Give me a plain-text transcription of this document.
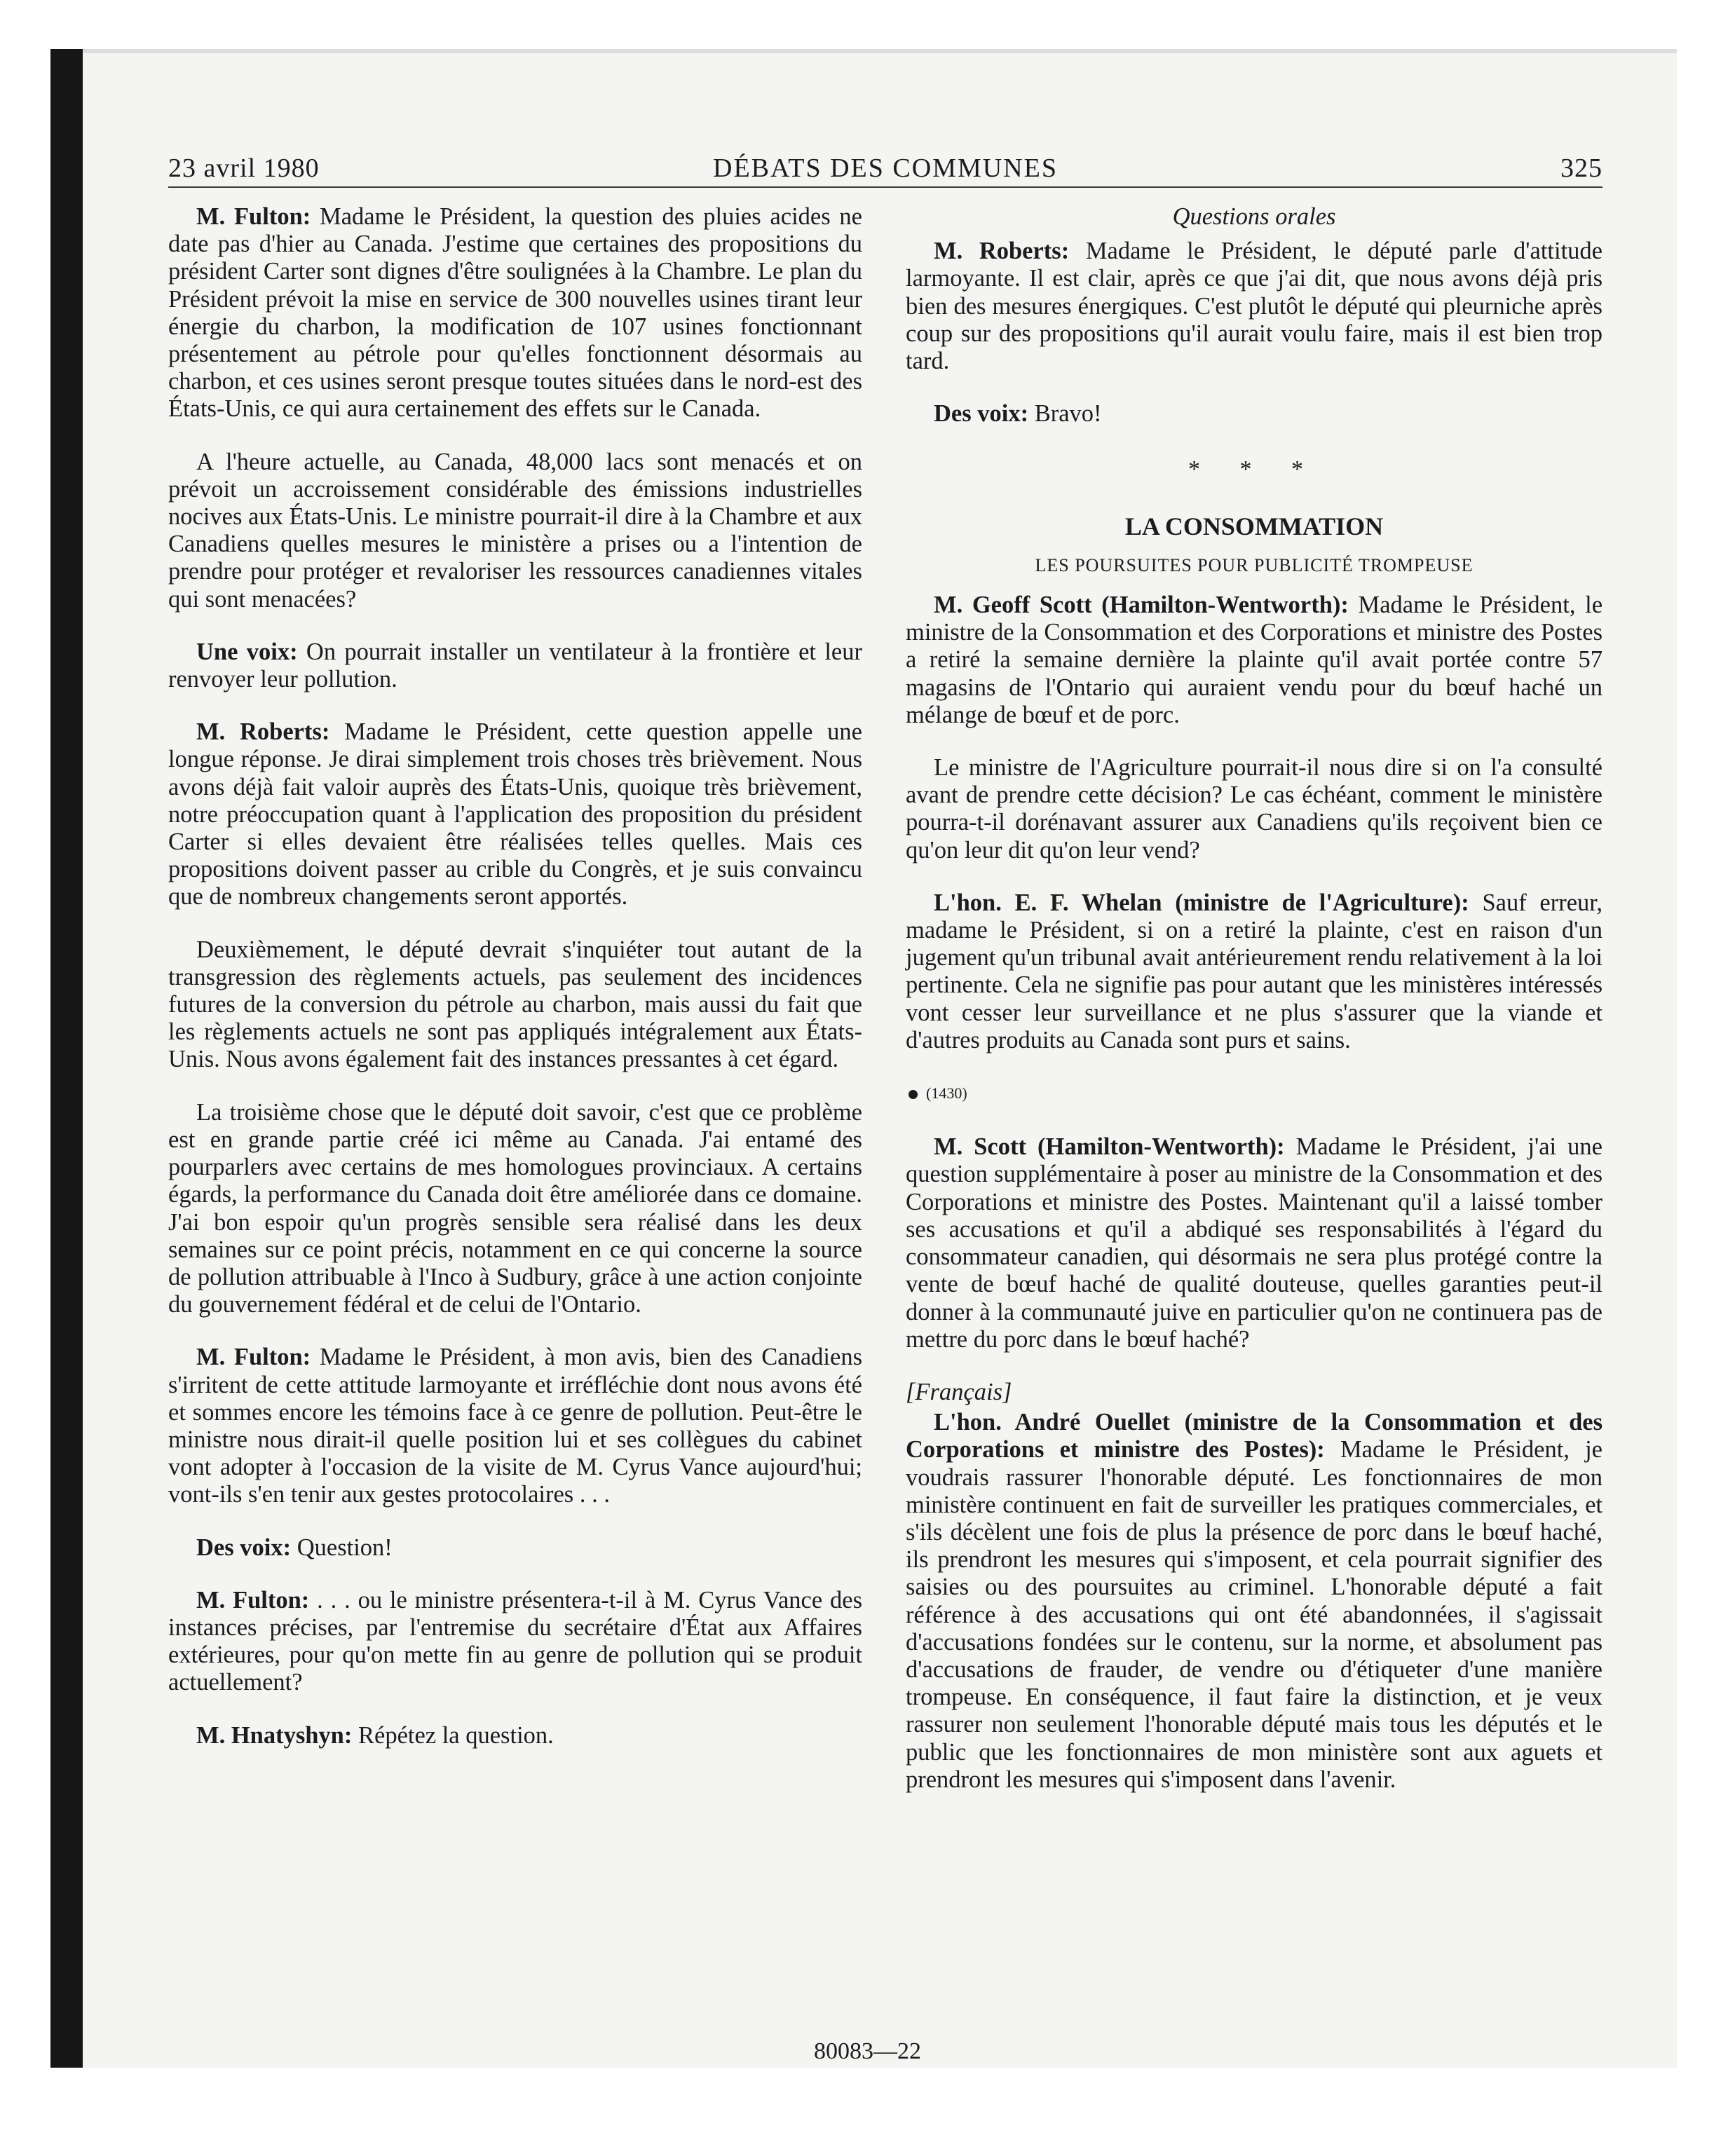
23 avril 1980	DÉBATS DES COMMUNES	325

M. Fulton: Madame le Président, la question des pluies acides ne date pas d'hier au Canada. J'estime que certaines des propositions du président Carter sont dignes d'être soulignées à la Chambre. Le plan du Président prévoit la mise en service de 300 nouvelles usines tirant leur énergie du charbon, la modification de 107 usines fonctionnant présentement au pétrole pour qu'elles fonctionnent désormais au charbon, et ces usines seront presque toutes situées dans le nord-est des États-Unis, ce qui aura certainement des effets sur le Canada.

A l'heure actuelle, au Canada, 48,000 lacs sont menacés et on prévoit un accroissement considérable des émissions industrielles nocives aux États-Unis. Le ministre pourrait-il dire à la Chambre et aux Canadiens quelles mesures le ministère a prises ou a l'intention de prendre pour protéger et revaloriser les ressources canadiennes vitales qui sont menacées?

Une voix: On pourrait installer un ventilateur à la frontière et leur renvoyer leur pollution.

M. Roberts: Madame le Président, cette question appelle une longue réponse. Je dirai simplement trois choses très brièvement. Nous avons déjà fait valoir auprès des États-Unis, quoique très brièvement, notre préoccupation quant à l'application des proposition du président Carter si elles devaient être réalisées telles quelles. Mais ces propositions doivent passer au crible du Congrès, et je suis convaincu que de nombreux changements seront apportés.

Deuxièmement, le député devrait s'inquiéter tout autant de la transgression des règlements actuels, pas seulement des incidences futures de la conversion du pétrole au charbon, mais aussi du fait que les règlements actuels ne sont pas appliqués intégralement aux États-Unis. Nous avons également fait des instances pressantes à cet égard.

La troisième chose que le député doit savoir, c'est que ce problème est en grande partie créé ici même au Canada. J'ai entamé des pourparlers avec certains de mes homologues provinciaux. A certains égards, la performance du Canada doit être améliorée dans ce domaine. J'ai bon espoir qu'un progrès sensible sera réalisé dans les deux semaines sur ce point précis, notamment en ce qui concerne la source de pollution attribuable à l'Inco à Sudbury, grâce à une action conjointe du gouvernement fédéral et de celui de l'Ontario.

M. Fulton: Madame le Président, à mon avis, bien des Canadiens s'irritent de cette attitude larmoyante et irréfléchie dont nous avons été et sommes encore les témoins face à ce genre de pollution. Peut-être le ministre nous dirait-il quelle position lui et ses collègues du cabinet vont adopter à l'occasion de la visite de M. Cyrus Vance aujourd'hui; vont-ils s'en tenir aux gestes protocolaires . . .

Des voix: Question!

M. Fulton: . . . ou le ministre présentera-t-il à M. Cyrus Vance des instances précises, par l'entremise du secrétaire d'État aux Affaires extérieures, pour qu'on mette fin au genre de pollution qui se produit actuellement?

M. Hnatyshyn: Répétez la question.

Questions orales

M. Roberts: Madame le Président, le député parle d'attitude larmoyante. Il est clair, après ce que j'ai dit, que nous avons déjà pris bien des mesures énergiques. C'est plutôt le député qui pleurniche après coup sur des propositions qu'il aurait voulu faire, mais il est bien trop tard.

Des voix: Bravo!

* * *
LA CONSOMMATION
LES POURSUITES POUR PUBLICITÉ TROMPEUSE

M. Geoff Scott (Hamilton-Wentworth): Madame le Président, le ministre de la Consommation et des Corporations et ministre des Postes a retiré la semaine dernière la plainte qu'il avait portée contre 57 magasins de l'Ontario qui auraient vendu pour du bœuf haché un mélange de bœuf et de porc.

Le ministre de l'Agriculture pourrait-il nous dire si on l'a consulté avant de prendre cette décision? Le cas échéant, comment le ministère pourra-t-il dorénavant assurer aux Canadiens qu'ils reçoivent bien ce qu'on leur dit qu'on leur vend?

L'hon. E. F. Whelan (ministre de l'Agriculture): Sauf erreur, madame le Président, si on a retiré la plainte, c'est en raison d'un jugement qu'un tribunal avait antérieurement rendu relativement à la loi pertinente. Cela ne signifie pas pour autant que les ministères intéressés vont cesser leur surveillance et ne plus s'assurer que la viande et d'autres produits au Canada sont purs et sains.

(1430)

M. Scott (Hamilton-Wentworth): Madame le Président, j'ai une question supplémentaire à poser au ministre de la Consommation et des Corporations et ministre des Postes. Maintenant qu'il a laissé tomber ses accusations et qu'il a abdiqué ses responsabilités à l'égard du consommateur canadien, qui désormais ne sera plus protégé contre la vente de bœuf haché de qualité douteuse, quelles garanties peut-il donner à la communauté juive en particulier qu'on ne continuera pas de mettre du porc dans le bœuf haché?

[Français]

L'hon. André Ouellet (ministre de la Consommation et des Corporations et ministre des Postes): Madame le Président, je voudrais rassurer l'honorable député. Les fonctionnaires de mon ministère continuent en fait de surveiller les pratiques commerciales, et s'ils décèlent une fois de plus la présence de porc dans le bœuf haché, ils prendront les mesures qui s'imposent, et cela pourrait signifier des saisies ou des poursuites au criminel. L'honorable député a fait référence à des accusations qui ont été abandonnées, il s'agissait d'accusations fondées sur le contenu, sur la norme, et absolument pas d'accusations de frauder, de vendre ou d'étiqueter d'une manière trompeuse. En conséquence, il faut faire la distinction, et je veux rassurer non seulement l'honorable député mais tous les députés et le public que les fonctionnaires de mon ministère sont aux aguets et prendront les mesures qui s'imposent dans l'avenir.

80083—22
